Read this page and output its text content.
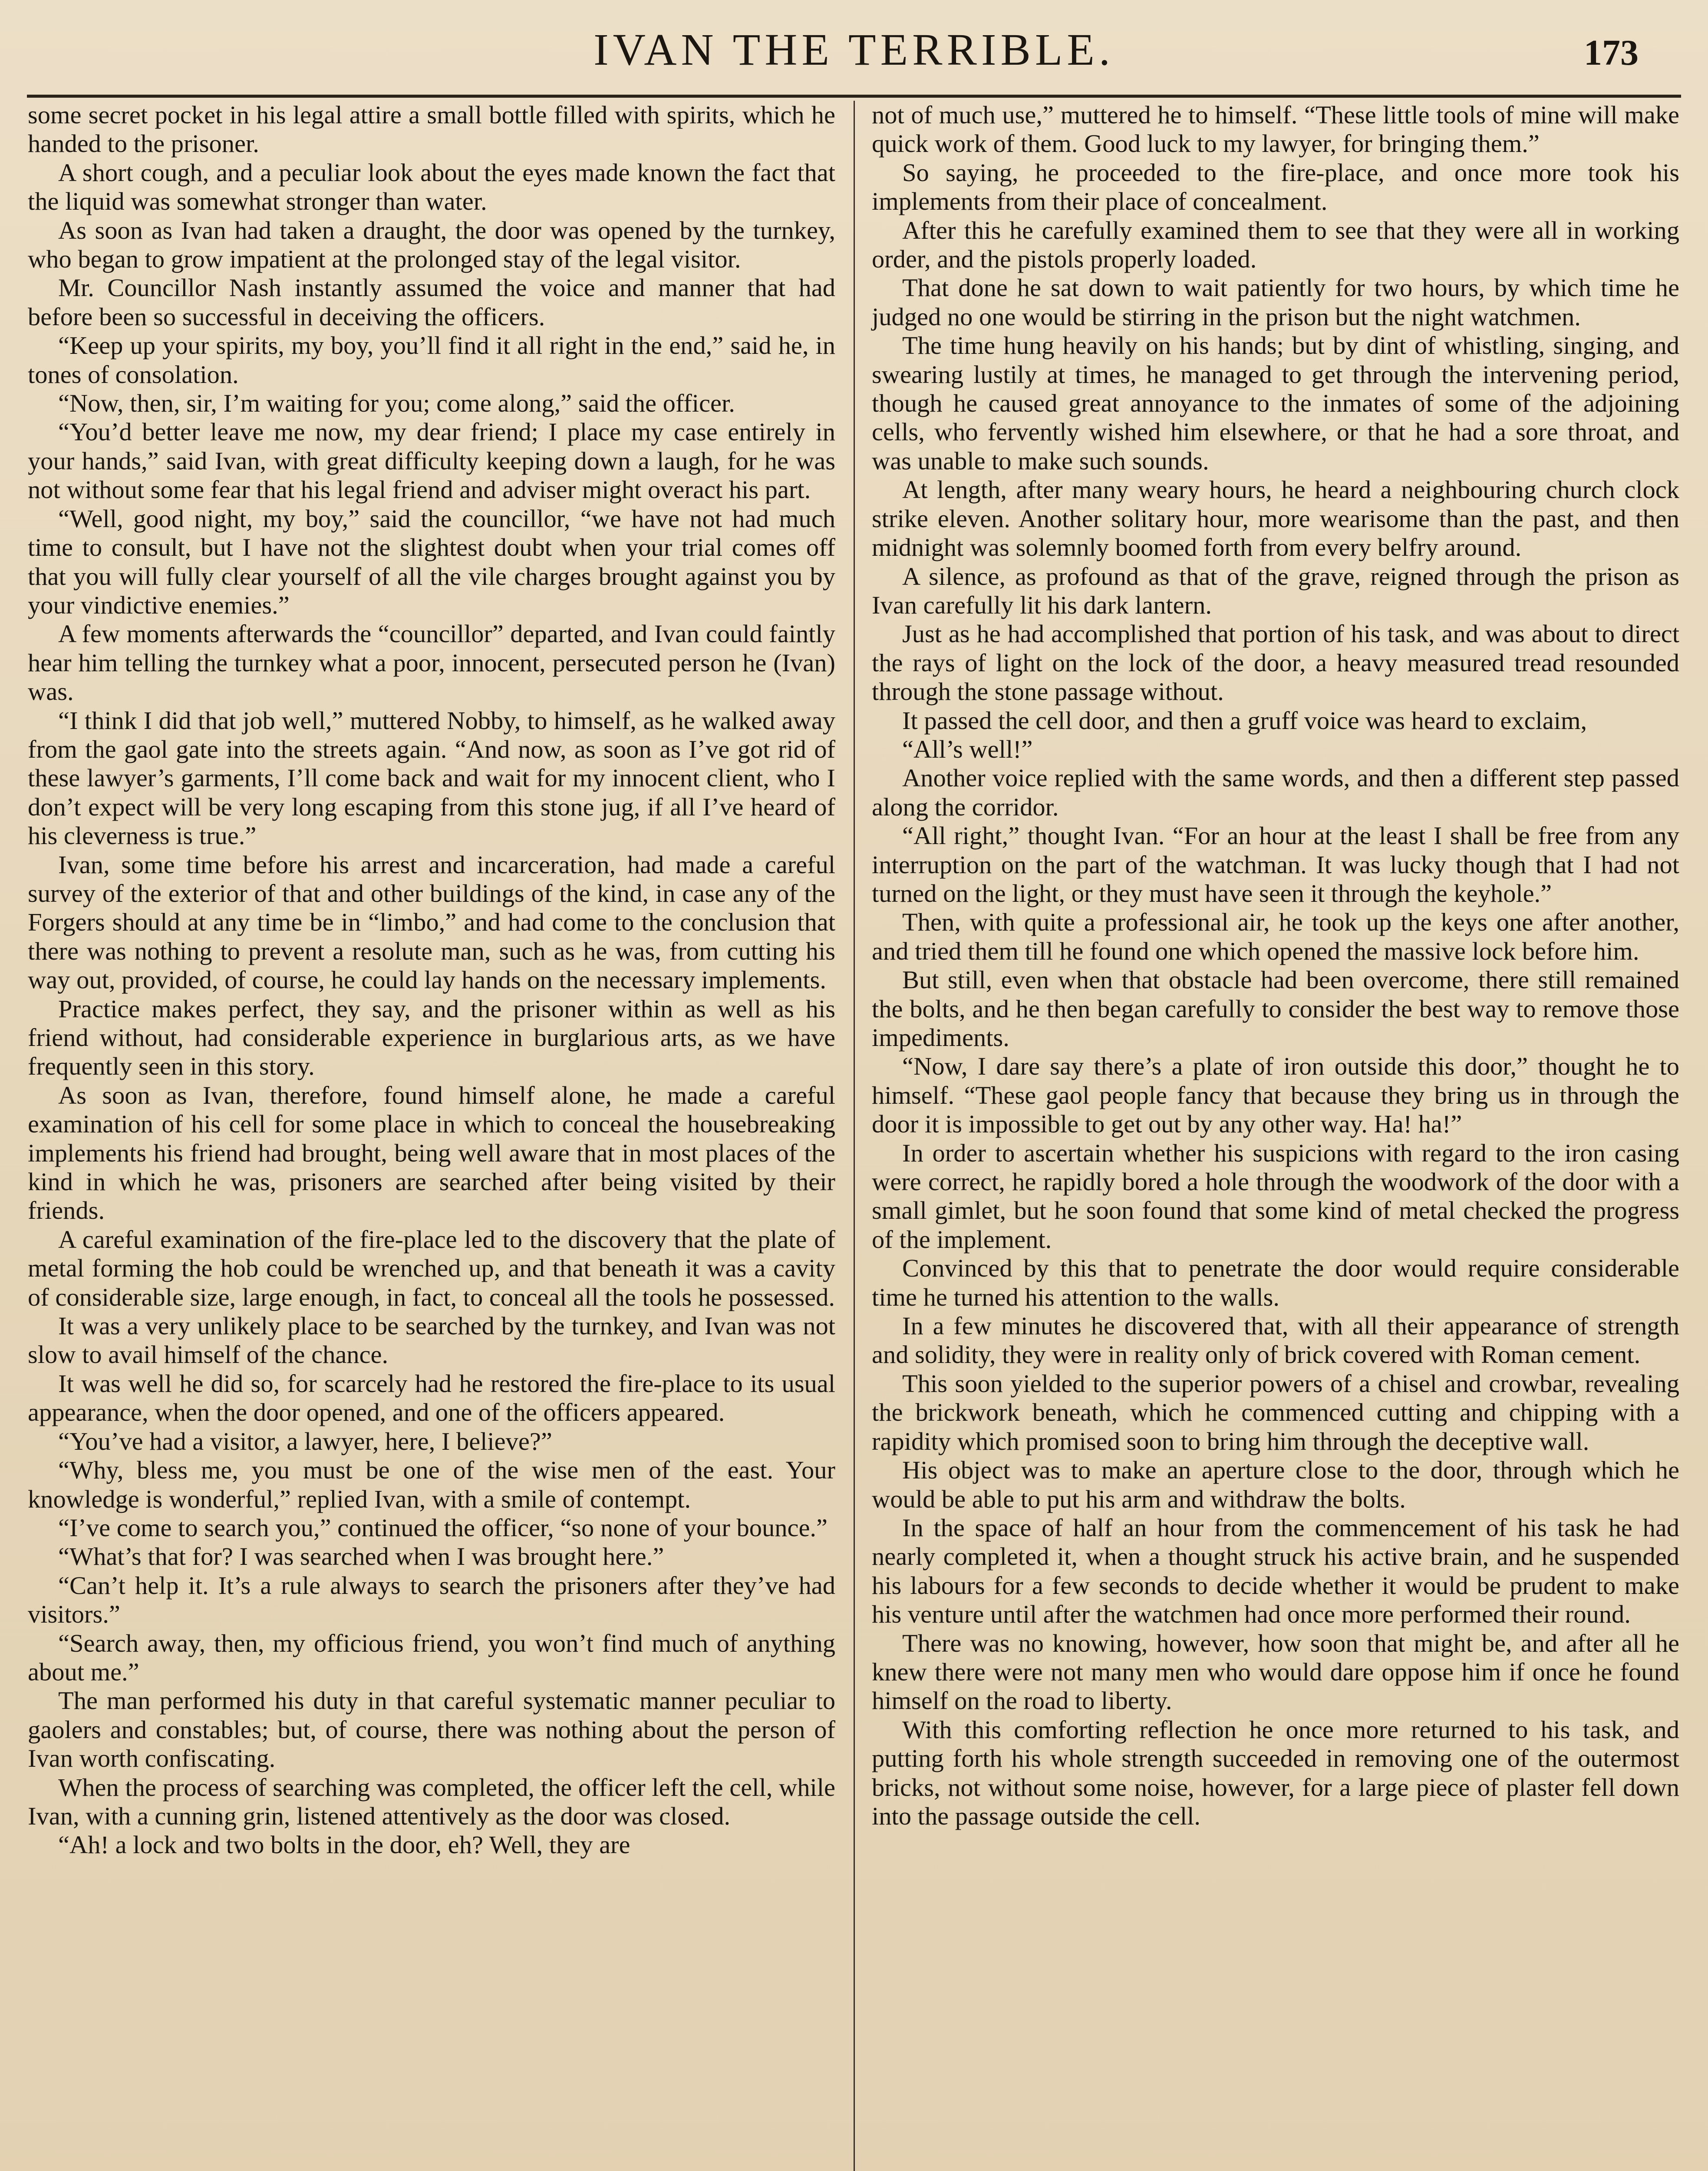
IVAN THE TERRIBLE.	173

some secret pocket in his legal attire a small bottle filled with spirits, which he handed to the prisoner.

A short cough, and a peculiar look about the eyes made known the fact that the liquid was somewhat stronger than water.

As soon as Ivan had taken a draught, the door was opened by the turnkey, who began to grow impatient at the prolonged stay of the legal visitor.

Mr. Councillor Nash instantly assumed the voice and manner that had before been so successful in deceiving the officers.

“Keep up your spirits, my boy, you’ll find it all right in the end,” said he, in tones of consolation.

“Now, then, sir, I’m waiting for you; come along,” said the officer.

“You’d better leave me now, my dear friend; I place my case entirely in your hands,” said Ivan, with great difficulty keeping down a laugh, for he was not without some fear that his legal friend and adviser might overact his part.

“Well, good night, my boy,” said the councillor, “we have not had much time to consult, but I have not the slightest doubt when your trial comes off that you will fully clear yourself of all the vile charges brought against you by your vindictive enemies.”

A few moments afterwards the “councillor” departed, and Ivan could faintly hear him telling the turnkey what a poor, innocent, persecuted person he (Ivan) was.

“I think I did that job well,” muttered Nobby, to himself, as he walked away from the gaol gate into the streets again. “And now, as soon as I’ve got rid of these lawyer’s garments, I’ll come back and wait for my innocent client, who I don’t expect will be very long escaping from this stone jug, if all I’ve heard of his cleverness is true.”

Ivan, some time before his arrest and incarceration, had made a careful survey of the exterior of that and other buildings of the kind, in case any of the Forgers should at any time be in “limbo,” and had come to the conclusion that there was nothing to prevent a resolute man, such as he was, from cutting his way out, provided, of course, he could lay hands on the necessary implements.

Practice makes perfect, they say, and the prisoner within as well as his friend without, had considerable experience in burglarious arts, as we have frequently seen in this story.

As soon as Ivan, therefore, found himself alone, he made a careful examination of his cell for some place in which to conceal the housebreaking implements his friend had brought, being well aware that in most places of the kind in which he was, prisoners are searched after being visited by their friends.

A careful examination of the fire-place led to the discovery that the plate of metal forming the hob could be wrenched up, and that beneath it was a cavity of considerable size, large enough, in fact, to conceal all the tools he possessed.

It was a very unlikely place to be searched by the turnkey, and Ivan was not slow to avail himself of the chance.

It was well he did so, for scarcely had he restored the fire-place to its usual appearance, when the door opened, and one of the officers appeared.

“You’ve had a visitor, a lawyer, here, I believe?”

“Why, bless me, you must be one of the wise men of the east. Your knowledge is wonderful,” replied Ivan, with a smile of contempt.

“I’ve come to search you,” continued the officer, “so none of your bounce.”

“What’s that for? I was searched when I was brought here.”

“Can’t help it. It’s a rule always to search the prisoners after they’ve had visitors.”

“Search away, then, my officious friend, you won’t find much of anything about me.”

The man performed his duty in that careful systematic manner peculiar to gaolers and constables; but, of course, there was nothing about the person of Ivan worth confiscating.

When the process of searching was completed, the officer left the cell, while Ivan, with a cunning grin, listened attentively as the door was closed.

“Ah! a lock and two bolts in the door, eh? Well, they are

not of much use,” muttered he to himself. “These little tools of mine will make quick work of them. Good luck to my lawyer, for bringing them.”

So saying, he proceeded to the fire-place, and once more took his implements from their place of concealment.

After this he carefully examined them to see that they were all in working order, and the pistols properly loaded.

That done he sat down to wait patiently for two hours, by which time he judged no one would be stirring in the prison but the night watchmen.

The time hung heavily on his hands; but by dint of whistling, singing, and swearing lustily at times, he managed to get through the intervening period, though he caused great annoyance to the inmates of some of the adjoining cells, who fervently wished him elsewhere, or that he had a sore throat, and was unable to make such sounds.

At length, after many weary hours, he heard a neighbouring church clock strike eleven. Another solitary hour, more wearisome than the past, and then midnight was solemnly boomed forth from every belfry around.

A silence, as profound as that of the grave, reigned through the prison as Ivan carefully lit his dark lantern.

Just as he had accomplished that portion of his task, and was about to direct the rays of light on the lock of the door, a heavy measured tread resounded through the stone passage without.

It passed the cell door, and then a gruff voice was heard to exclaim,

“All’s well!”

Another voice replied with the same words, and then a different step passed along the corridor.

“All right,” thought Ivan. “For an hour at the least I shall be free from any interruption on the part of the watchman. It was lucky though that I had not turned on the light, or they must have seen it through the keyhole.”

Then, with quite a professional air, he took up the keys one after another, and tried them till he found one which opened the massive lock before him.

But still, even when that obstacle had been overcome, there still remained the bolts, and he then began carefully to consider the best way to remove those impediments.

“Now, I dare say there’s a plate of iron outside this door,” thought he to himself. “These gaol people fancy that because they bring us in through the door it is impossible to get out by any other way. Ha! ha!”

In order to ascertain whether his suspicions with regard to the iron casing were correct, he rapidly bored a hole through the woodwork of the door with a small gimlet, but he soon found that some kind of metal checked the progress of the implement.

Convinced by this that to penetrate the door would require considerable time he turned his attention to the walls.

In a few minutes he discovered that, with all their appearance of strength and solidity, they were in reality only of brick covered with Roman cement.

This soon yielded to the superior powers of a chisel and crowbar, revealing the brickwork beneath, which he commenced cutting and chipping with a rapidity which promised soon to bring him through the deceptive wall.

His object was to make an aperture close to the door, through which he would be able to put his arm and withdraw the bolts.

In the space of half an hour from the commencement of his task he had nearly completed it, when a thought struck his active brain, and he suspended his labours for a few seconds to decide whether it would be prudent to make his venture until after the watchmen had once more performed their round.

There was no knowing, however, how soon that might be, and after all he knew there were not many men who would dare oppose him if once he found himself on the road to liberty.

With this comforting reflection he once more returned to his task, and putting forth his whole strength succeeded in removing one of the outermost bricks, not without some noise, however, for a large piece of plaster fell down into the passage outside the cell.
